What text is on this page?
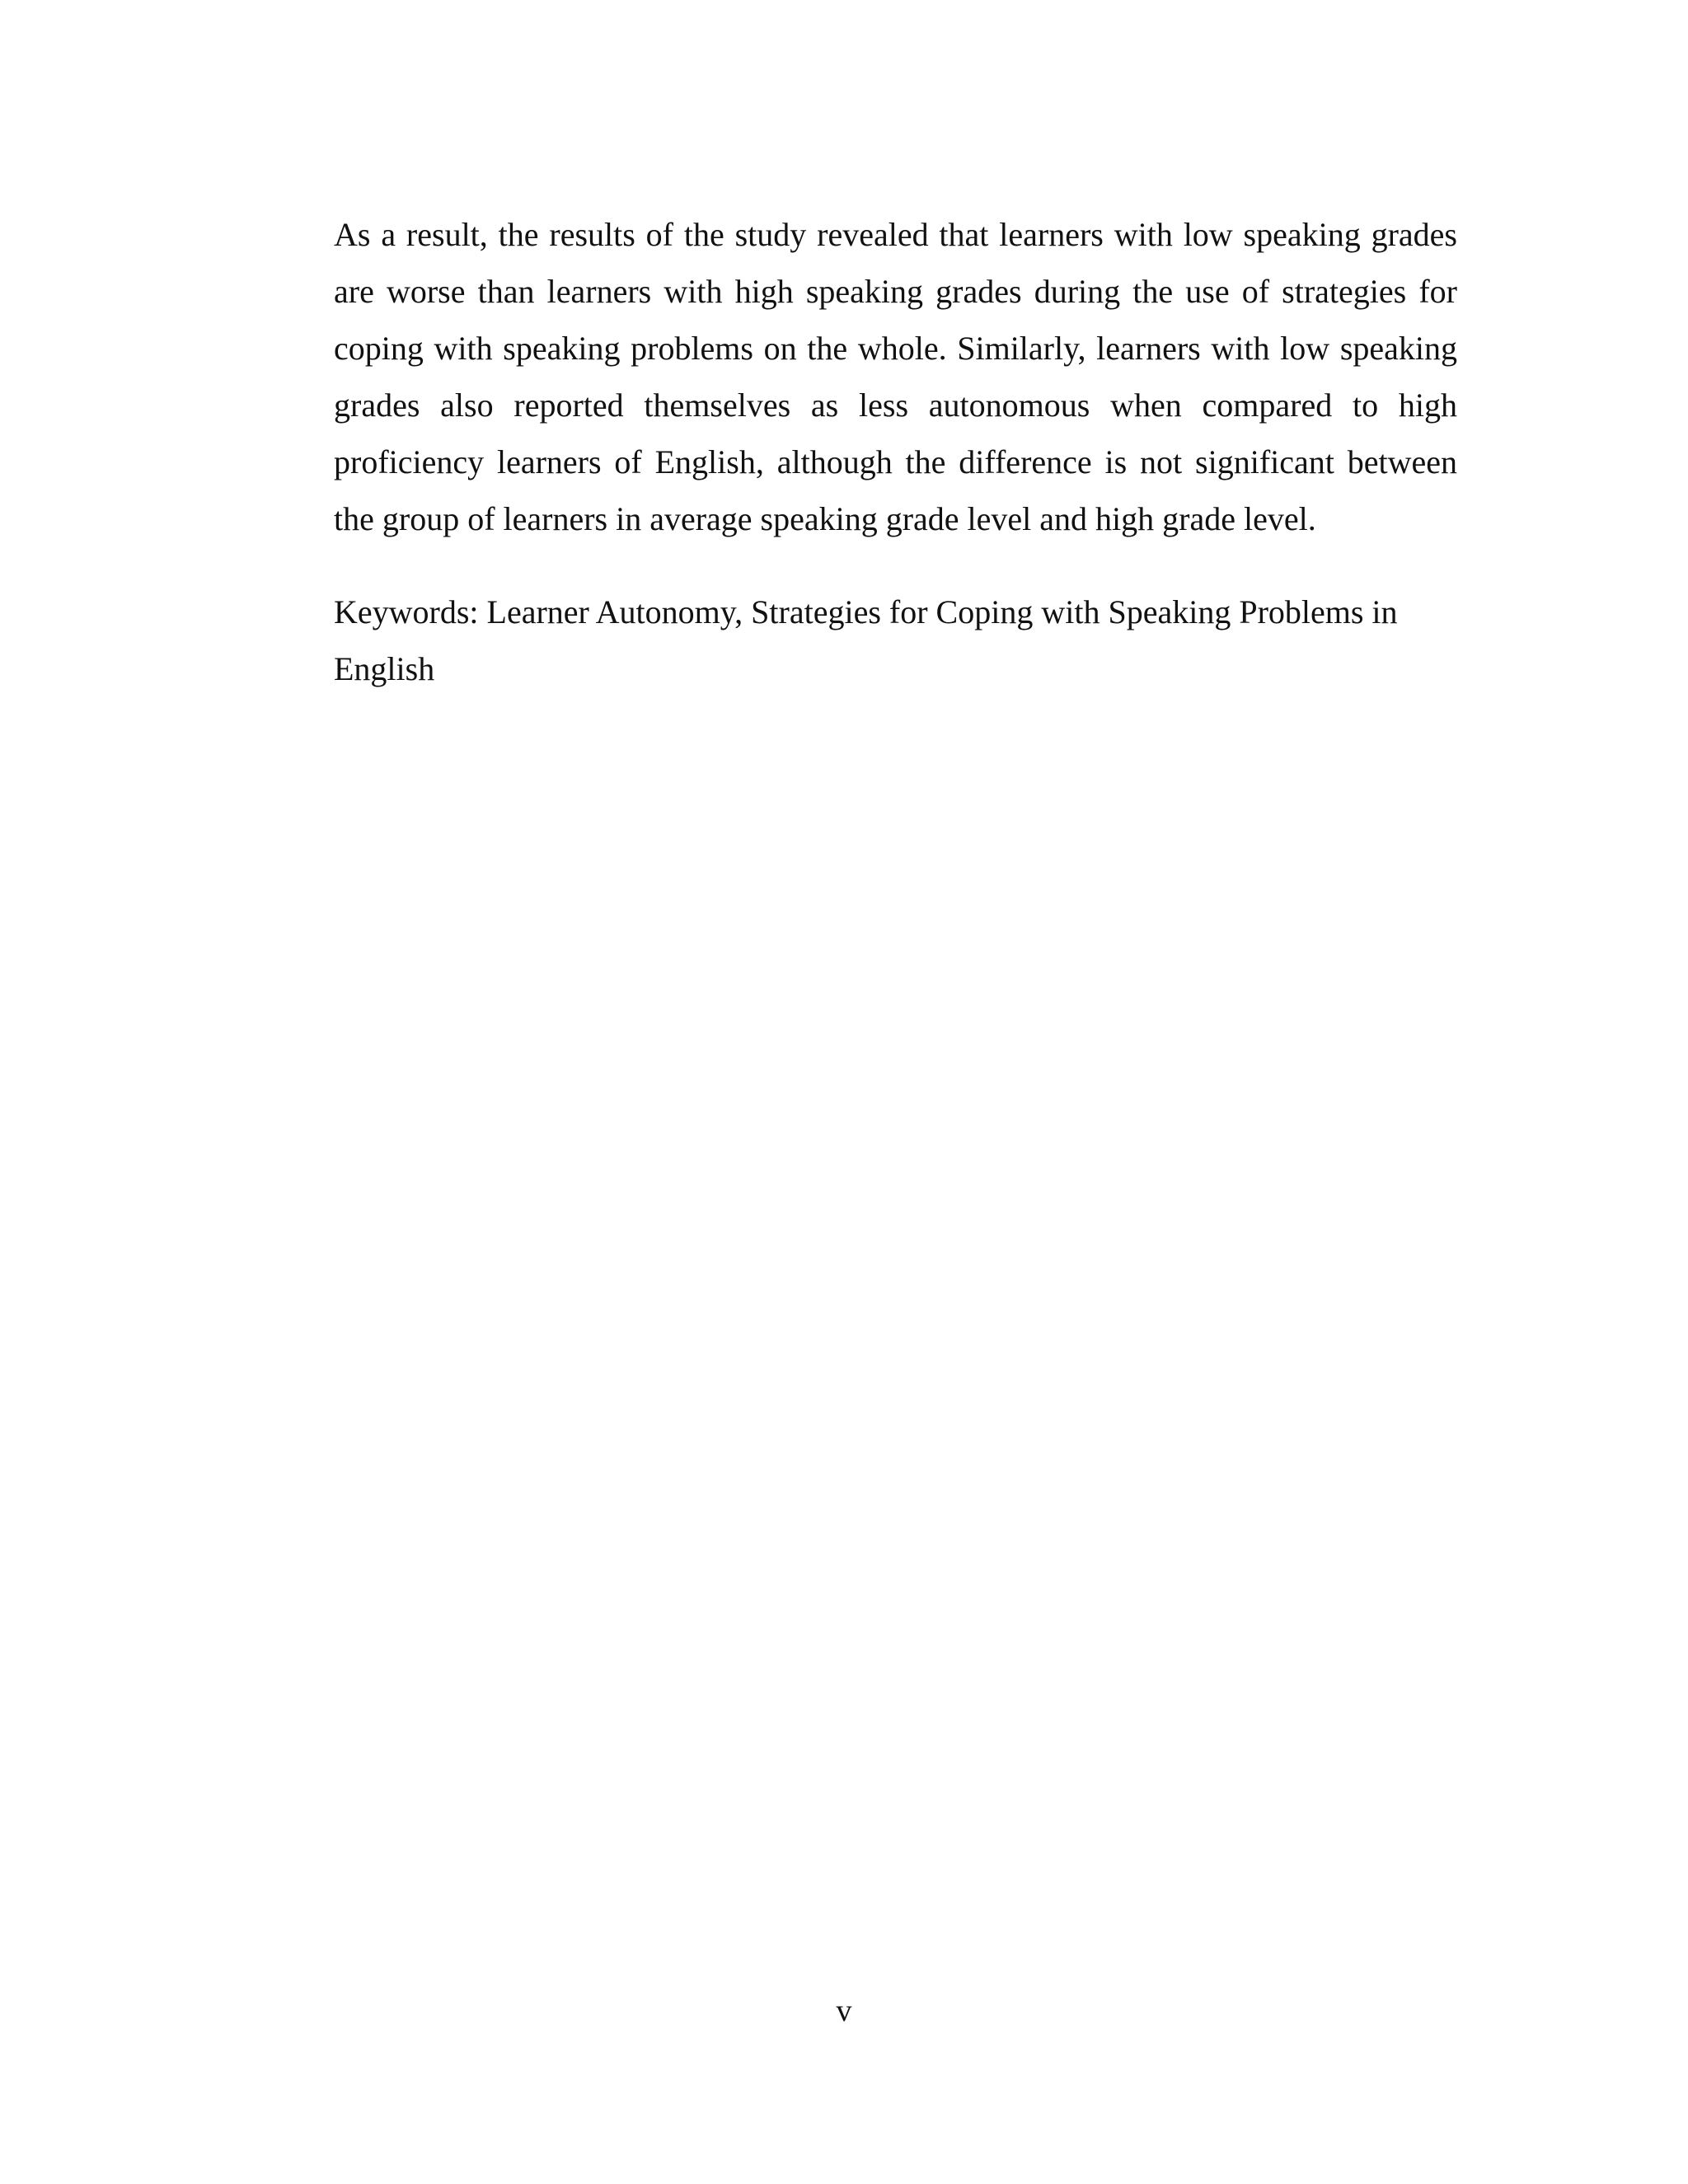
As a result, the results of the study revealed that learners with low speaking grades are worse than learners with high speaking grades during the use of strategies for coping with speaking problems on the whole. Similarly, learners with low speaking grades also reported themselves as less autonomous when compared to high proficiency learners of English, although the difference is not significant between the group of learners in average speaking grade level and high grade level.

Keywords: Learner Autonomy, Strategies for Coping with Speaking Problems in English

v
